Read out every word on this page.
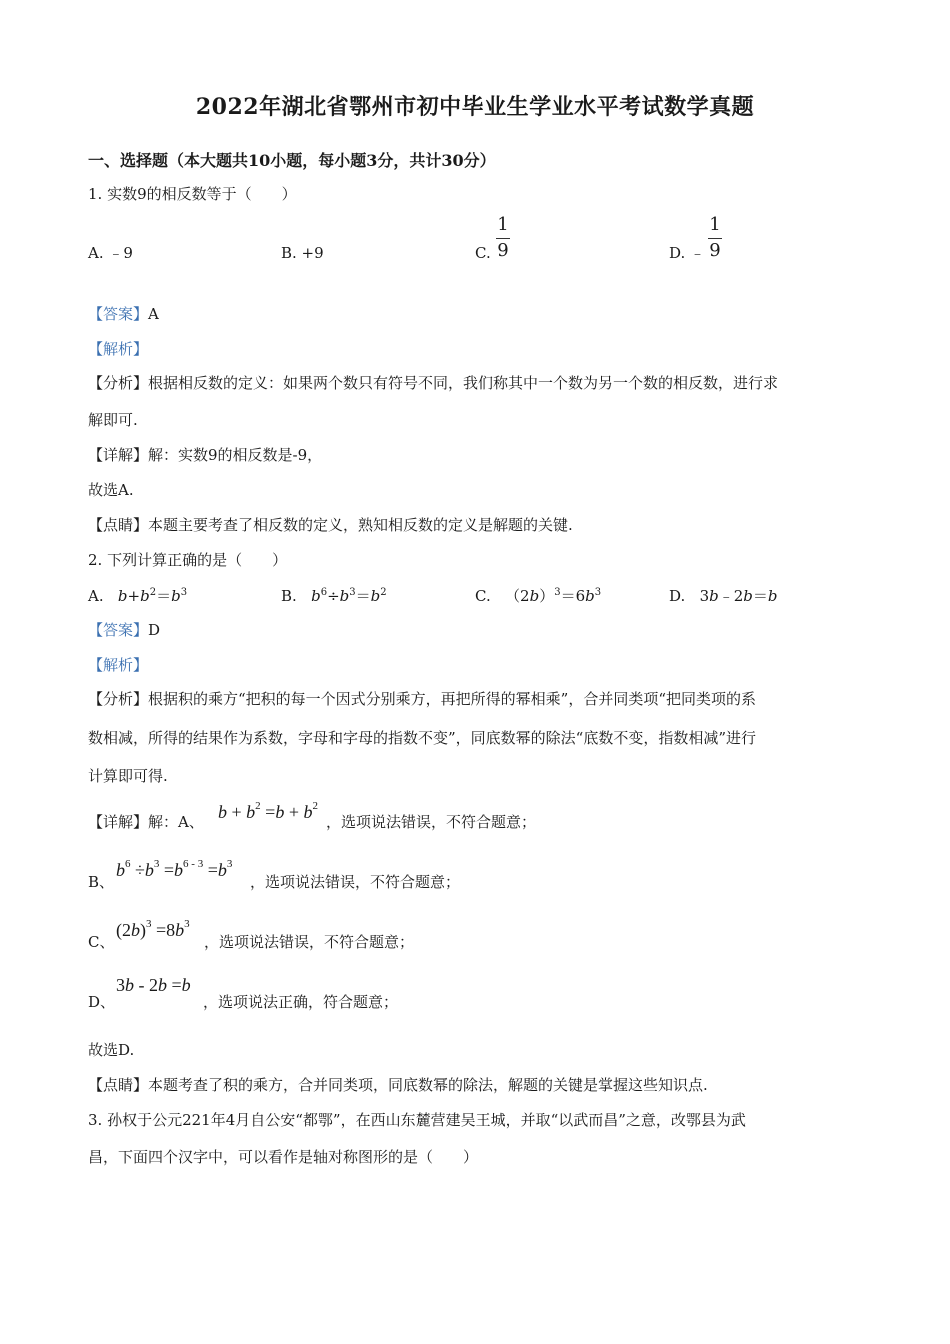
2022年湖北省鄂州市初中毕业生学业水平考试数学真题
一、选择题（本大题共10小题，每小题3分，共计30分）
1. 实数9的相反数等于（　　）
A. ﹣9	B. +9	C.
1
9	D. ﹣
1
9
【答案】A
【解析】
【分析】根据相反数的定义：如果两个数只有符号不同，我们称其中一个数为另一个数的相反数，进行求
解即可.
【详解】解：实数9的相反数是-9，
故选A.
【点睛】本题主要考查了相反数的定义，熟知相反数的定义是解题的关键.
2. 下列计算正确的是（　　）
A. $b+b^2=b^3$	B. $b^6\div b^3=b^2$	C.   $(2b)^3=6b^3$	D.   3b﹣2b＝b
【答案】D
【解析】
【分析】根据积的乘方“把积的每一个因式分别乘方，再把所得的幂相乘”，合并同类项“把同类项的系
数相减，所得的结果作为系数，字母和字母的指数不变”，同底数幂的除法“底数不变，指数相减”进行
计算即可得.
【详解】解：A、 $b + b^2 =b + b^2$
，选项说法错误，不符合题意；
B、
$b^6 \div b^3 =b^{6 - 3} =b^3$
，选项说法错误，不符合题意；
C、
$(2b)^3 =8b^3$
，选项说法错误，不符合题意；
D、
3b - 2b =b
，选项说法正确，符合题意；
故选D.
【点睛】本题考查了积的乘方，合并同类项，同底数幂的除法，解题的关键是掌握这些知识点.
3. 孙权于公元221年4月自公安“都鄂”，在西山东麓营建吴王城，并取“以武而昌”之意，改鄂县为武
昌，下面四个汉字中，可以看作是轴对称图形的是（　　）
